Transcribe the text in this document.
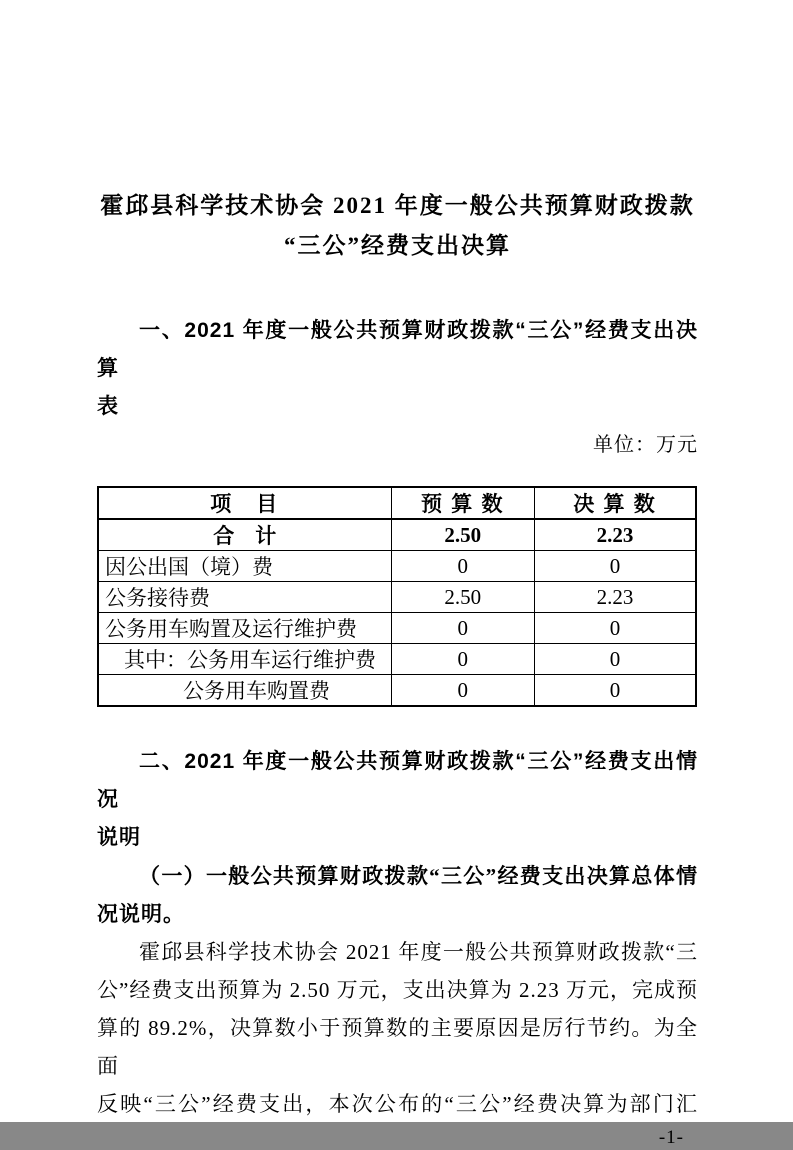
霍邱县科学技术协会 2021 年度一般公共预算财政拨款
“三公”经费支出决算
一、2021 年度一般公共预算财政拨款“三公”经费支出决算
表
单位：万元
项　目	预 算 数	决 算 数
合　计	2.50	2.23
因公出国（境）费	0	0
公务接待费	2.50	2.23
公务用车购置及运行维护费	0	0
其中：公务用车运行维护费	0	0
公务用车购置费	0	0
二、2021 年度一般公共预算财政拨款“三公”经费支出情况
说明
（一）一般公共预算财政拨款“三公”经费支出决算总体情
况说明。
霍邱县科学技术协会 2021 年度一般公共预算财政拨款“三
公”经费支出预算为 2.50 万元，支出决算为 2.23 万元，完成预
算的 89.2%，决算数小于预算数的主要原因是厉行节约。为全面
反映“三公”经费支出，本次公布的“三公”经费决算为部门汇
-1-
